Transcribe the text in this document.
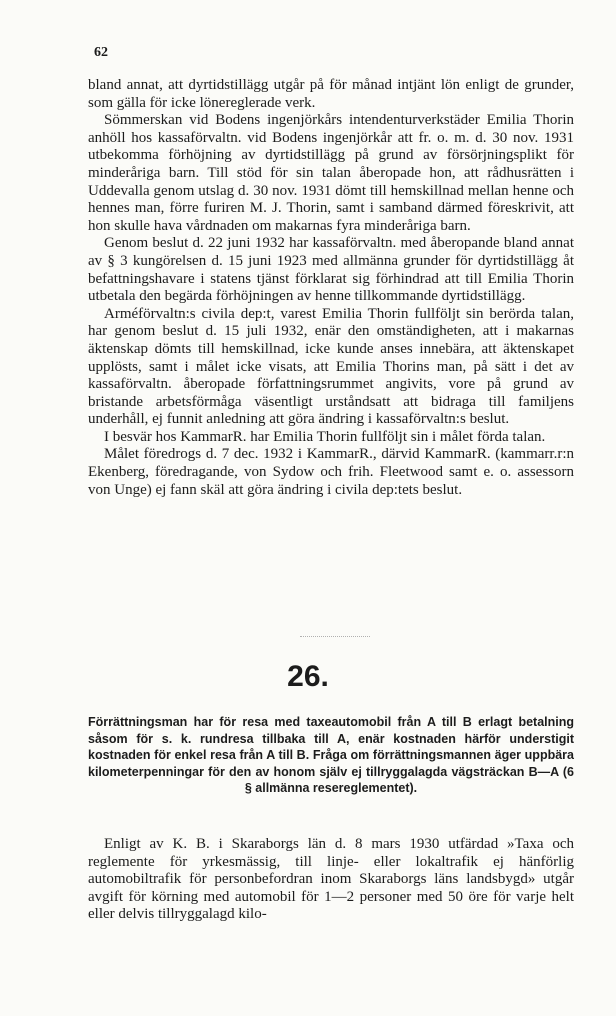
62

bland annat, att dyrtidstillägg utgår på för månad intjänt lön enligt de grunder, som gälla för icke lönereglerade verk.

Sömmerskan vid Bodens ingenjörkårs intendenturverkstäder Emilia Thorin anhöll hos kassaförvaltn. vid Bodens ingenjörkår att fr. o. m. d. 30 nov. 1931 utbekomma förhöjning av dyrtidstillägg på grund av försörjningsplikt för minderåriga barn. Till stöd för sin talan åberopade hon, att rådhusrätten i Uddevalla genom utslag d. 30 nov. 1931 dömt till hemskillnad mellan henne och hennes man, förre furiren M. J. Thorin, samt i samband därmed föreskrivit, att hon skulle hava vårdnaden om makarnas fyra minderåriga barn.

Genom beslut d. 22 juni 1932 har kassaförvaltn. med åberopande bland annat av § 3 kungörelsen d. 15 juni 1923 med allmänna grunder för dyrtidstillägg åt befattningshavare i statens tjänst förklarat sig förhindrad att till Emilia Thorin utbetala den begärda förhöjningen av henne tillkommande dyrtidstillägg.

Arméförvaltn:s civila dep:t, varest Emilia Thorin fullföljt sin berörda talan, har genom beslut d. 15 juli 1932, enär den omständigheten, att i makarnas äktenskap dömts till hemskillnad, icke kunde anses innebära, att äktenskapet upplösts, samt i målet icke visats, att Emilia Thorins man, på sätt i det av kassaförvaltn. åberopade författningsrummet angivits, vore på grund av bristande arbetsförmåga väsentligt urståndsatt att bidraga till familjens underhåll, ej funnit anledning att göra ändring i kassaförvaltn:s beslut.

I besvär hos KammarR. har Emilia Thorin fullföljt sin i målet förda talan.

Målet föredrogs d. 7 dec. 1932 i KammarR., därvid KammarR. (kammarr.r:n Ekenberg, föredragande, von Sydow och frih. Fleetwood samt e. o. assessorn von Unge) ej fann skäl att göra ändring i civila dep:tets beslut.

26.
Förrättningsman har för resa med taxeautomobil från A till B erlagt betalning såsom för s. k. rundresa tillbaka till A, enär kostnaden härför understigit kostnaden för enkel resa från A till B. Fråga om förrättningsmannen äger uppbära kilometerpenningar för den av honom själv ej tillryggalagda vägsträckan B—A (6 § allmänna resereglementet).

Enligt av K. B. i Skaraborgs län d. 8 mars 1930 utfärdad »Taxa och reglemente för yrkesmässig, till linje- eller lokaltrafik ej hänförlig automobiltrafik för personbefordran inom Skaraborgs läns landsbygd» utgår avgift för körning med automobil för 1—2 personer med 50 öre för varje helt eller delvis tillryggalagd kilo-
